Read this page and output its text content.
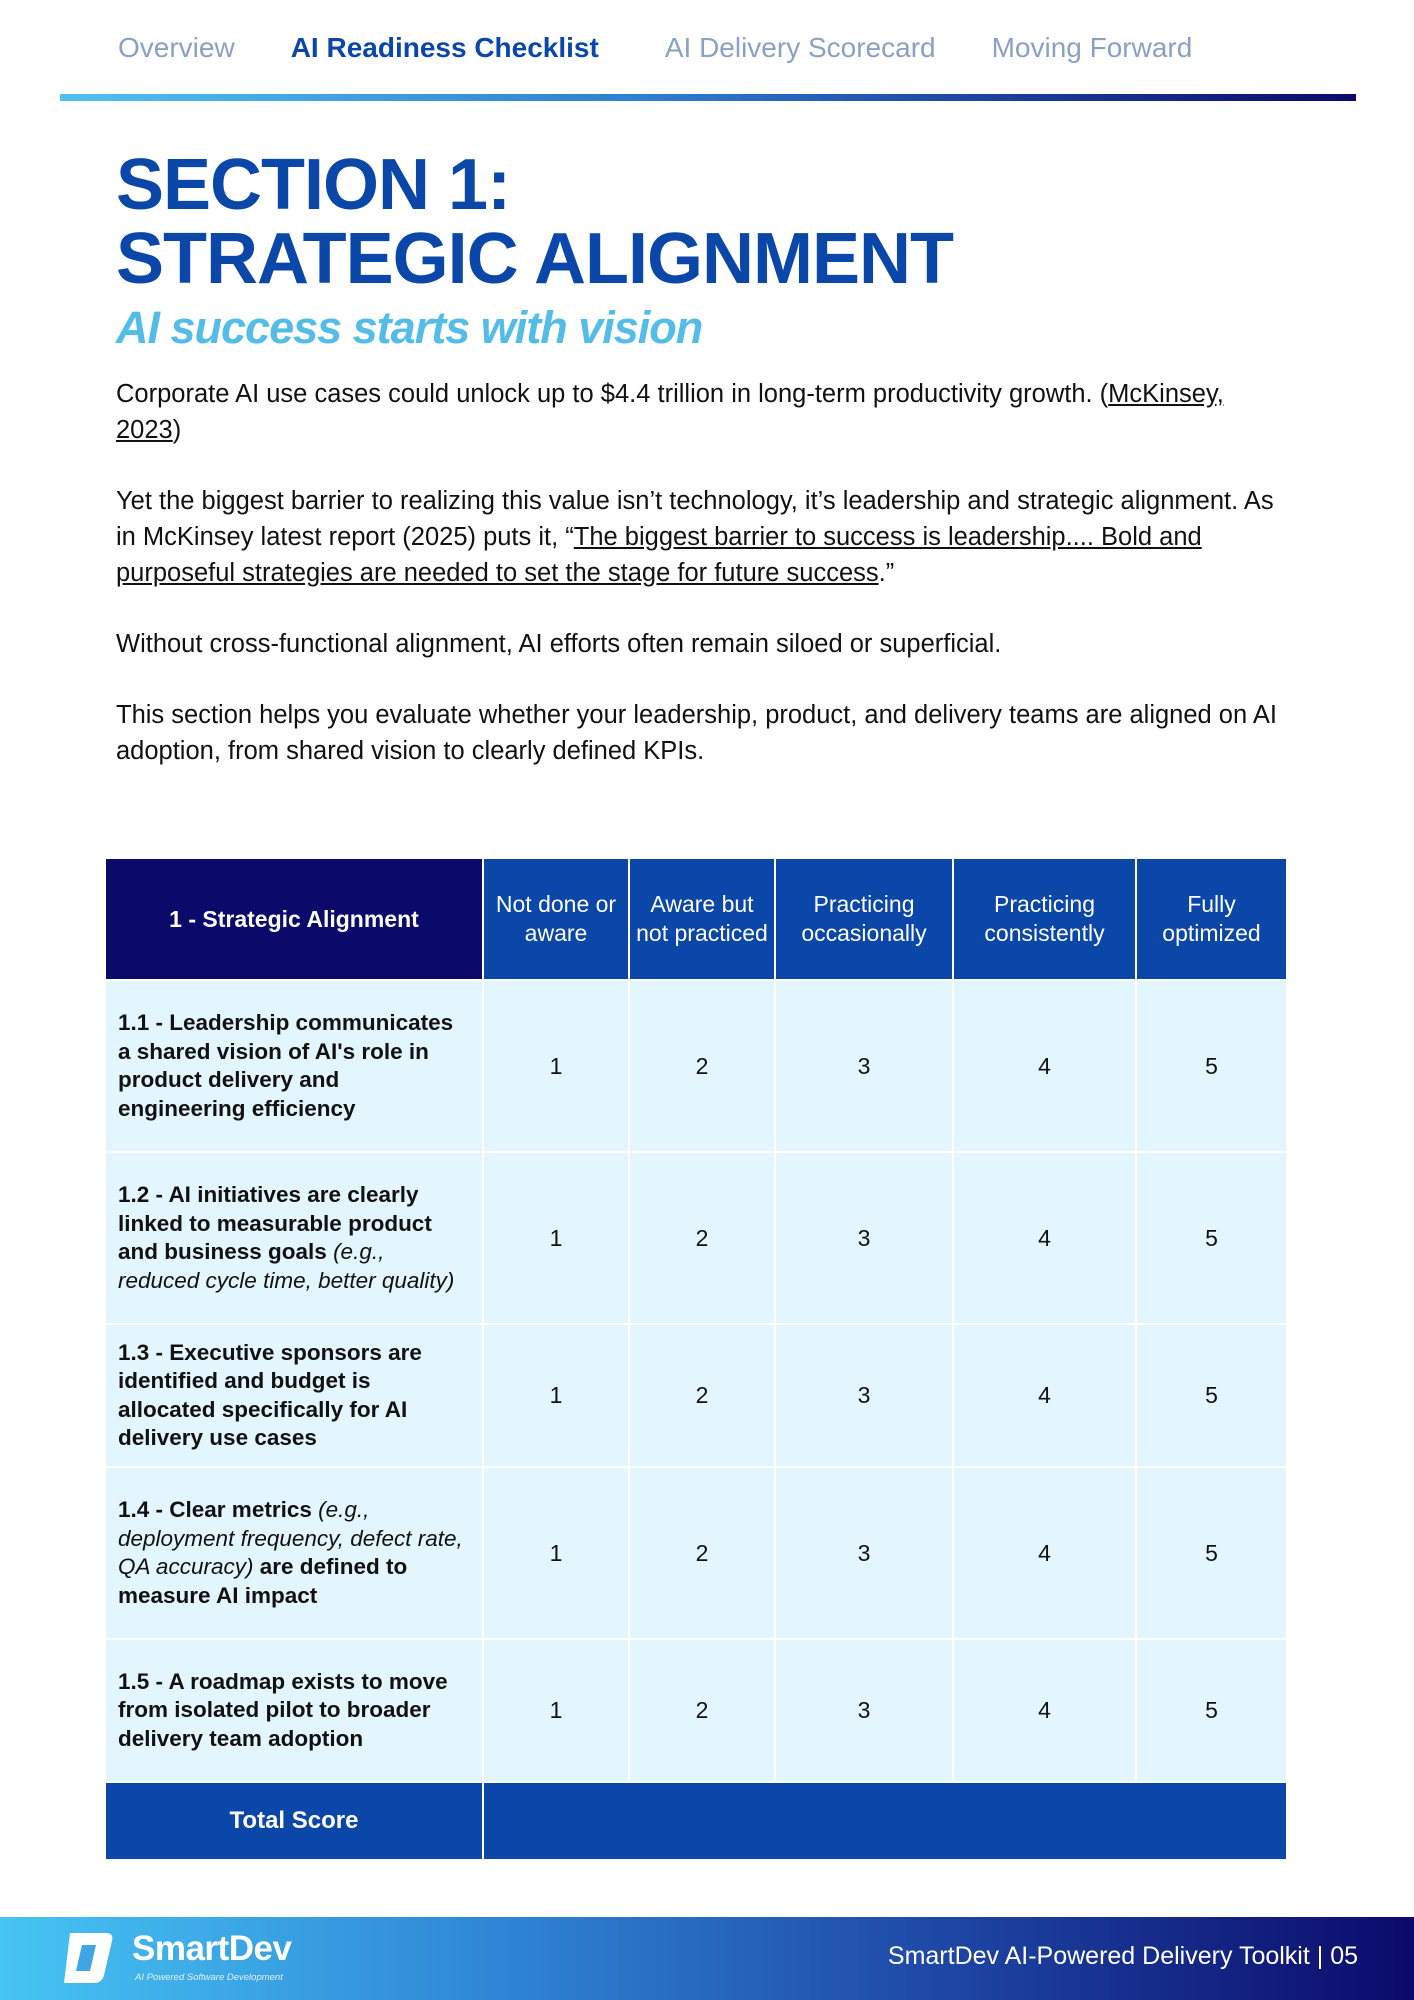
Overview AI Readiness Checklist AI Delivery Scorecard Moving Forward
SECTION 1:
STRATEGIC ALIGNMENT
AI success starts with vision

Corporate AI use cases could unlock up to $4.4 trillion in long-term productivity growth. (McKinsey, 2023)

Yet the biggest barrier to realizing this value isn’t technology, it’s leadership and strategic alignment. As in McKinsey latest report (2025) puts it, “The biggest barrier to success is leadership.... Bold and purposeful strategies are needed to set the stage for future success.”

Without cross-functional alignment, AI efforts often remain siloed or superficial.

This section helps you evaluate whether your leadership, product, and delivery teams are aligned on AI adoption, from shared vision to clearly defined KPIs.

1 - Strategic Alignment	Not done or aware	Aware but not practiced	Practicing occasionally	Practicing consistently	Fully optimized
1.1 - Leadership communicates a shared vision of AI's role in product delivery and engineering efficiency	1	2	3	4	5
1.2 - AI initiatives are clearly linked to measurable product and business goals (e.g., reduced cycle time, better quality)	1	2	3	4	5
1.3 - Executive sponsors are identified and budget is allocated specifically for AI delivery use cases	1	2	3	4	5
1.4 - Clear metrics (e.g., deployment frequency, defect rate, QA accuracy) are defined to measure AI impact	1	2	3	4	5
1.5 - A roadmap exists to move from isolated pilot to broader delivery team adoption	1	2	3	4	5
Total Score					
SmartDev
AI Powered Software Development
SmartDev AI-Powered Delivery Toolkit | 05
